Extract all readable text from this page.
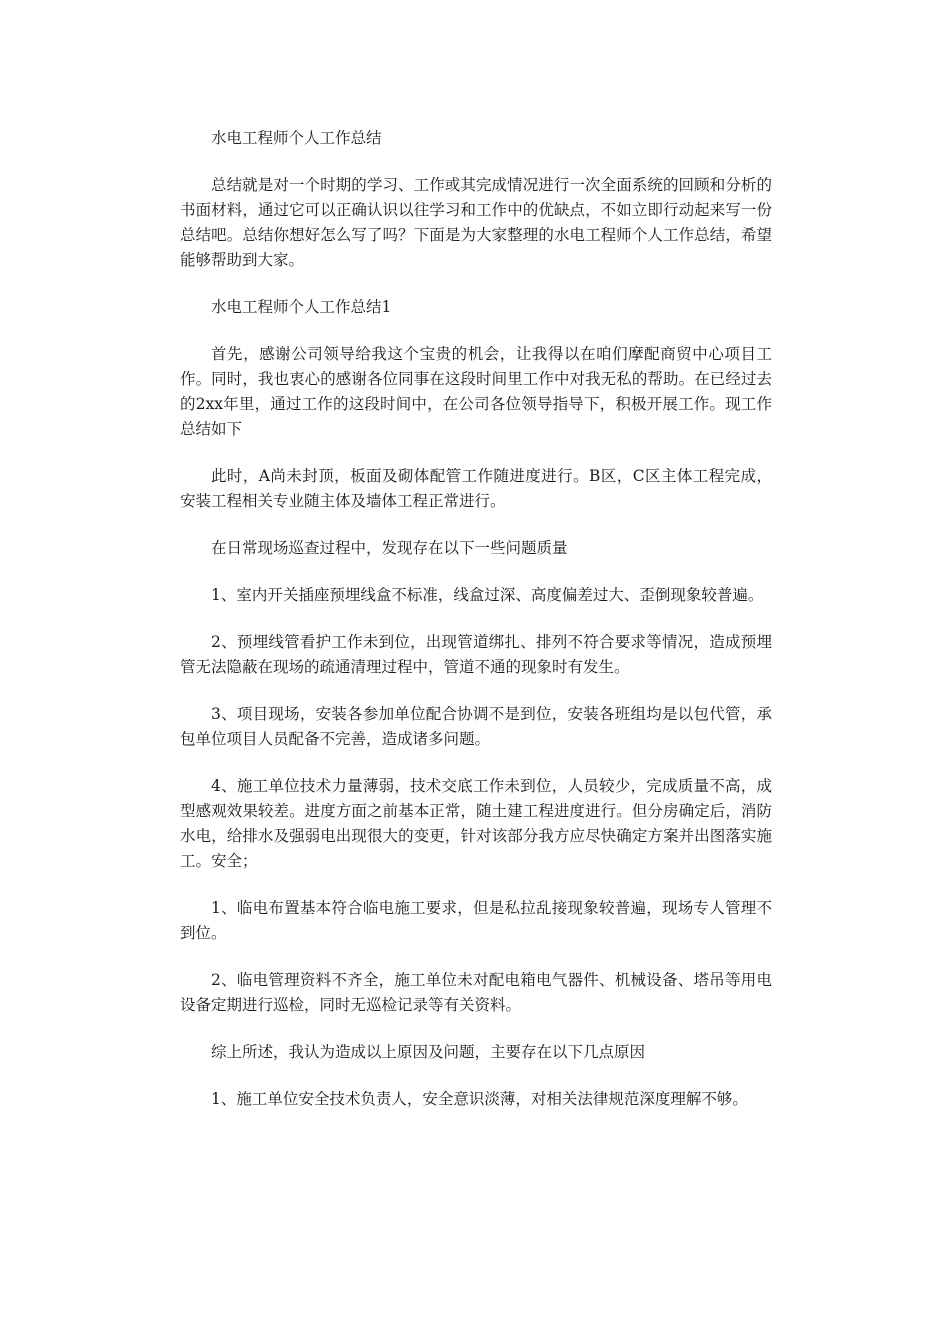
水电工程师个人工作总结

总结就是对一个时期的学习、工作或其完成情况进行一次全面系统的回顾和分析的书面材料，通过它可以正确认识以往学习和工作中的优缺点，不如立即行动起来写一份总结吧。总结你想好怎么写了吗？下面是为大家整理的水电工程师个人工作总结，希望能够帮助到大家。

水电工程师个人工作总结1

首先，感谢公司领导给我这个宝贵的机会，让我得以在咱们摩配商贸中心项目工作。同时，我也衷心的感谢各位同事在这段时间里工作中对我无私的帮助。在已经过去的2xx年里，通过工作的这段时间中，在公司各位领导指导下，积极开展工作。现工作总结如下

此时，A尚未封顶，板面及砌体配管工作随进度进行。B区，C区主体工程完成，安装工程相关专业随主体及墙体工程正常进行。

在日常现场巡查过程中，发现存在以下一些问题质量

1、室内开关插座预埋线盒不标准，线盒过深、高度偏差过大、歪倒现象较普遍。

2、预埋线管看护工作未到位，出现管道绑扎、排列不符合要求等情况，造成预埋管无法隐蔽在现场的疏通清理过程中，管道不通的现象时有发生。

3、项目现场，安装各参加单位配合协调不是到位，安装各班组均是以包代管，承包单位项目人员配备不完善，造成诸多问题。

4、施工单位技术力量薄弱，技术交底工作未到位，人员较少，完成质量不高，成型感观效果较差。进度方面之前基本正常，随土建工程进度进行。但分房确定后，消防水电，给排水及强弱电出现很大的变更，针对该部分我方应尽快确定方案并出图落实施工。安全；

1、临电布置基本符合临电施工要求，但是私拉乱接现象较普遍，现场专人管理不到位。

2、临电管理资料不齐全，施工单位未对配电箱电气器件、机械设备、塔吊等用电设备定期进行巡检，同时无巡检记录等有关资料。

综上所述，我认为造成以上原因及问题，主要存在以下几点原因

1、施工单位安全技术负责人，安全意识淡薄，对相关法律规范深度理解不够。
